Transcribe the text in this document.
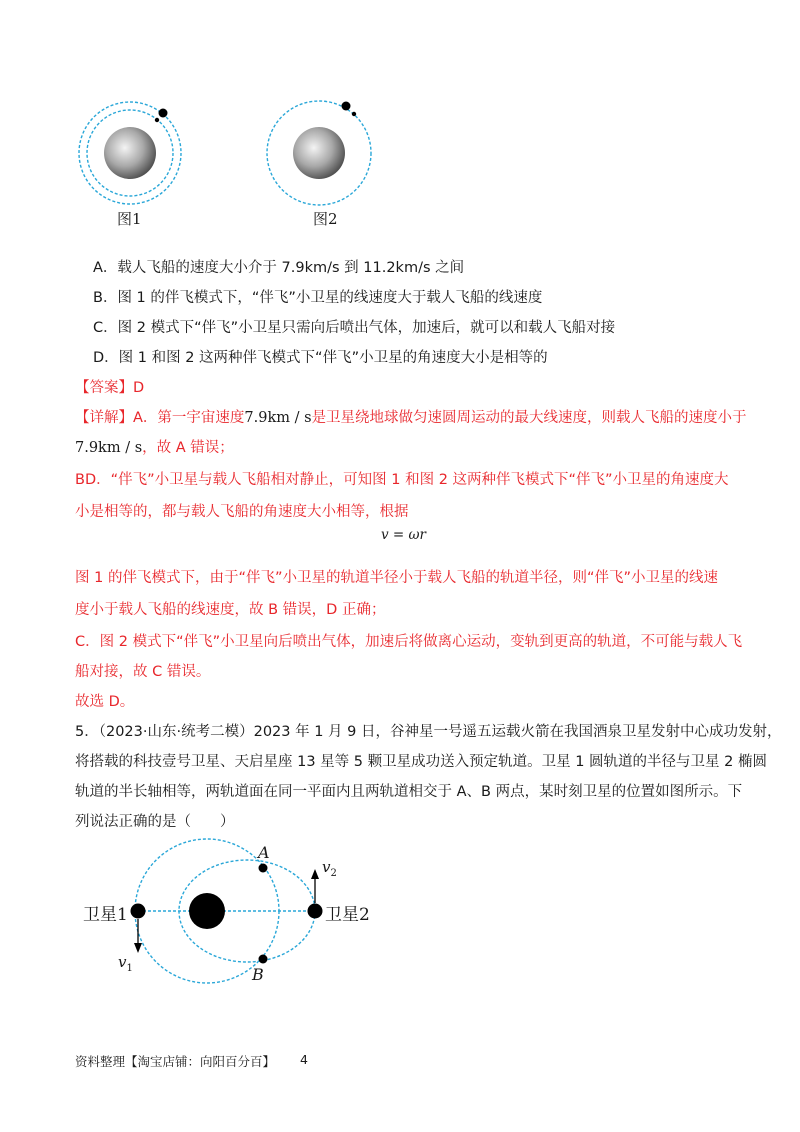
图1	图2
A．载人飞船的速度大小介于 7.9km/s 到 11.2km/s 之间
B．图 1 的伴飞模式下，“伴飞”小卫星的线速度大于载人飞船的线速度
C．图 2 模式下“伴飞”小卫星只需向后喷出气体，加速后，就可以和载人飞船对接
D．图 1 和图 2 这两种伴飞模式下“伴飞”小卫星的角速度大小是相等的
【答案】D
【详解】A．第一宇宙速度7.9km / s是卫星绕地球做匀速圆周运动的最大线速度，则载人飞船的速度小于
7.9km / s，故 A 错误；
BD．“伴飞”小卫星与载人飞船相对静止，可知图 1 和图 2 这两种伴飞模式下“伴飞”小卫星的角速度大
小是相等的，都与载人飞船的角速度大小相等，根据
v = ωr
图 1 的伴飞模式下，由于“伴飞”小卫星的轨道半径小于载人飞船的轨道半径，则“伴飞”小卫星的线速
度小于载人飞船的线速度，故 B 错误，D 正确；
C．图 2 模式下“伴飞”小卫星向后喷出气体，加速后将做离心运动，变轨到更高的轨道，不可能与载人飞
船对接，故 C 错误。
故选 D。
5．（2023·山东·统考二模）2023 年 1 月 9 日，谷神星一号遥五运载火箭在我国酒泉卫星发射中心成功发射，
将搭载的科技壹号卫星、天启星座 13 星等 5 颗卫星成功送入预定轨道。卫星 1 圆轨道的半径与卫星 2 椭圆
轨道的半长轴相等，两轨道面在同一平面内且两轨道相交于 A、B 两点，某时刻卫星的位置如图所示。下
列说法正确的是（　　）
A
B
卫星1	卫星2
$v_1$
$v_2$
资料整理【淘宝店铺：向阳百分百】 4
